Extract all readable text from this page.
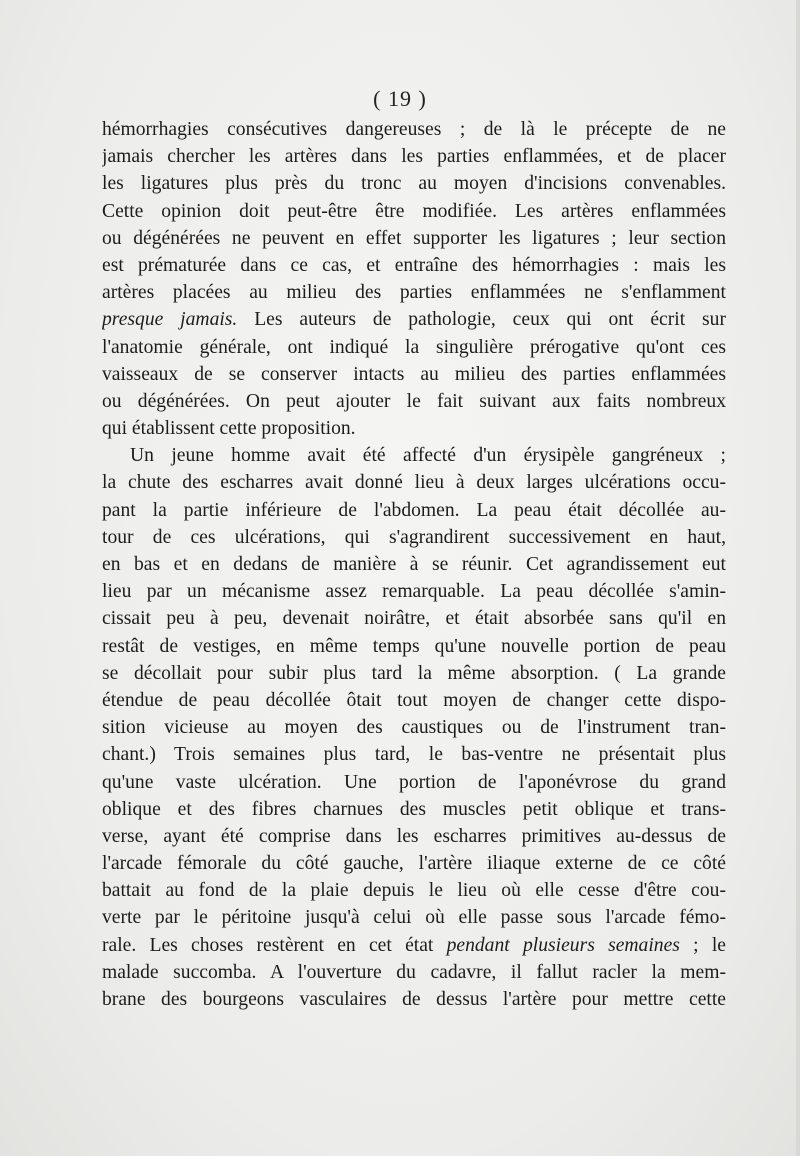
( 19 )
hémorrhagies consécutives dangereuses ; de là le précepte de ne
jamais chercher les artères dans les parties enflammées, et de placer
les ligatures plus près du tronc au moyen d'incisions convenables.
Cette opinion doit peut-être être modifiée. Les artères enflammées
ou dégénérées ne peuvent en effet supporter les ligatures ; leur section
est prématurée dans ce cas, et entraîne des hémorrhagies : mais les
artères placées au milieu des parties enflammées ne s'enflamment
presque jamais. Les auteurs de pathologie, ceux qui ont écrit sur
l'anatomie générale, ont indiqué la singulière prérogative qu'ont ces
vaisseaux de se conserver intacts au milieu des parties enflammées
ou dégénérées. On peut ajouter le fait suivant aux faits nombreux
qui établissent cette proposition.
Un jeune homme avait été affecté d'un érysipèle gangréneux ;
la chute des escharres avait donné lieu à deux larges ulcérations occu-
pant la partie inférieure de l'abdomen. La peau était décollée au-
tour de ces ulcérations, qui s'agrandirent successivement en haut,
en bas et en dedans de manière à se réunir. Cet agrandissement eut
lieu par un mécanisme assez remarquable. La peau décollée s'amin-
cissait peu à peu, devenait noirâtre, et était absorbée sans qu'il en
restât de vestiges, en même temps qu'une nouvelle portion de peau
se décollait pour subir plus tard la même absorption. ( La grande
étendue de peau décollée ôtait tout moyen de changer cette dispo-
sition vicieuse au moyen des caustiques ou de l'instrument tran-
chant.) Trois semaines plus tard, le bas-ventre ne présentait plus
qu'une vaste ulcération. Une portion de l'aponévrose du grand
oblique et des fibres charnues des muscles petit oblique et trans-
verse, ayant été comprise dans les escharres primitives au-dessus de
l'arcade fémorale du côté gauche, l'artère iliaque externe de ce côté
battait au fond de la plaie depuis le lieu où elle cesse d'être cou-
verte par le péritoine jusqu'à celui où elle passe sous l'arcade fémo-
rale. Les choses restèrent en cet état pendant plusieurs semaines ; le
malade succomba. A l'ouverture du cadavre, il fallut racler la mem-
brane des bourgeons vasculaires de dessus l'artère pour mettre cette
